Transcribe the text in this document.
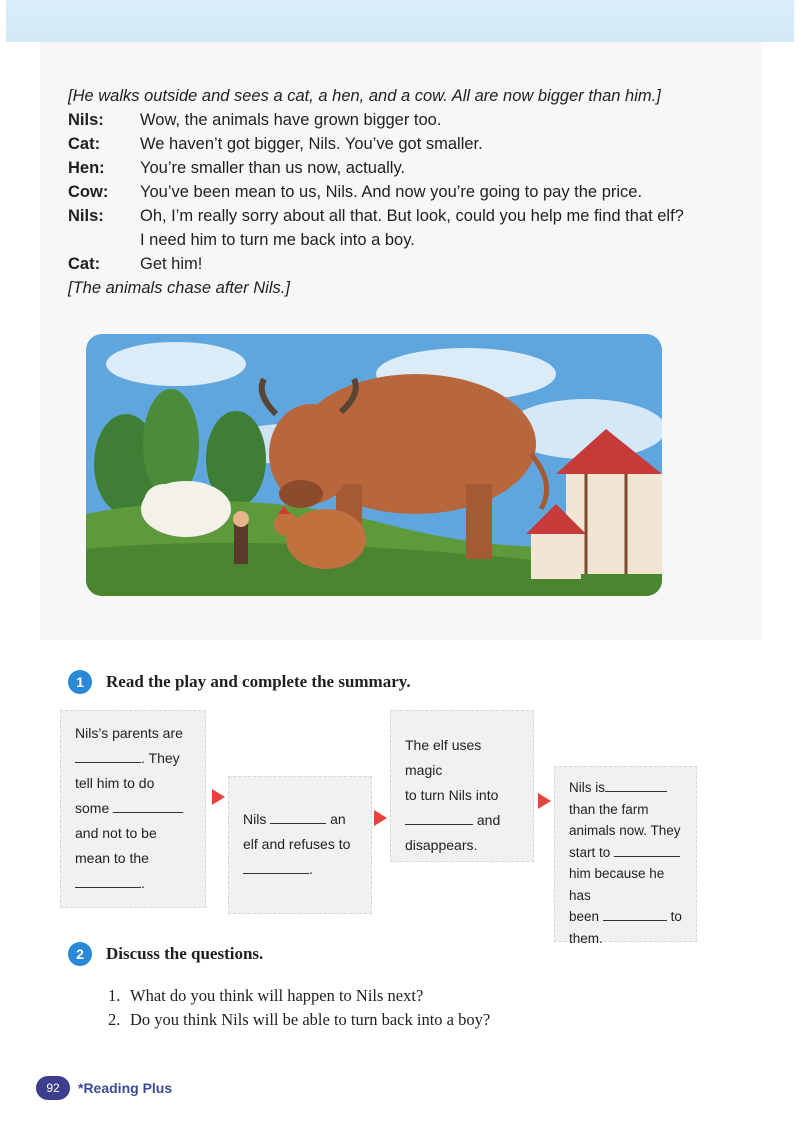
[He walks outside and sees a cat, a hen, and a cow. All are now bigger than him.]
Nils:	Wow, the animals have grown bigger too.
Cat:	We haven’t got bigger, Nils. You’ve got smaller.
Hen:	You’re smaller than us now, actually.
Cow:	You’ve been mean to us, Nils. And now you’re going to pay the price.
Nils:	Oh, I’m really sorry about all that. But look, could you help me find that elf?
I need him to turn me back into a boy.
Cat:	Get him!
[The animals chase after Nils.]
1	Read the play and complete the summary.
Nils’s parents are
. They
tell him to do
some
and not to be
mean to the
.
Nils	an
elf and refuses to
.
The elf uses magic
to turn Nils into
and
disappears.
Nils is
than the farm
animals now. They
start to
him because he has
been	to
them.
2	Discuss the questions.
1. What do you think will happen to Nils next?
2. Do you think Nils will be able to turn back into a boy?
92	*Reading Plus
